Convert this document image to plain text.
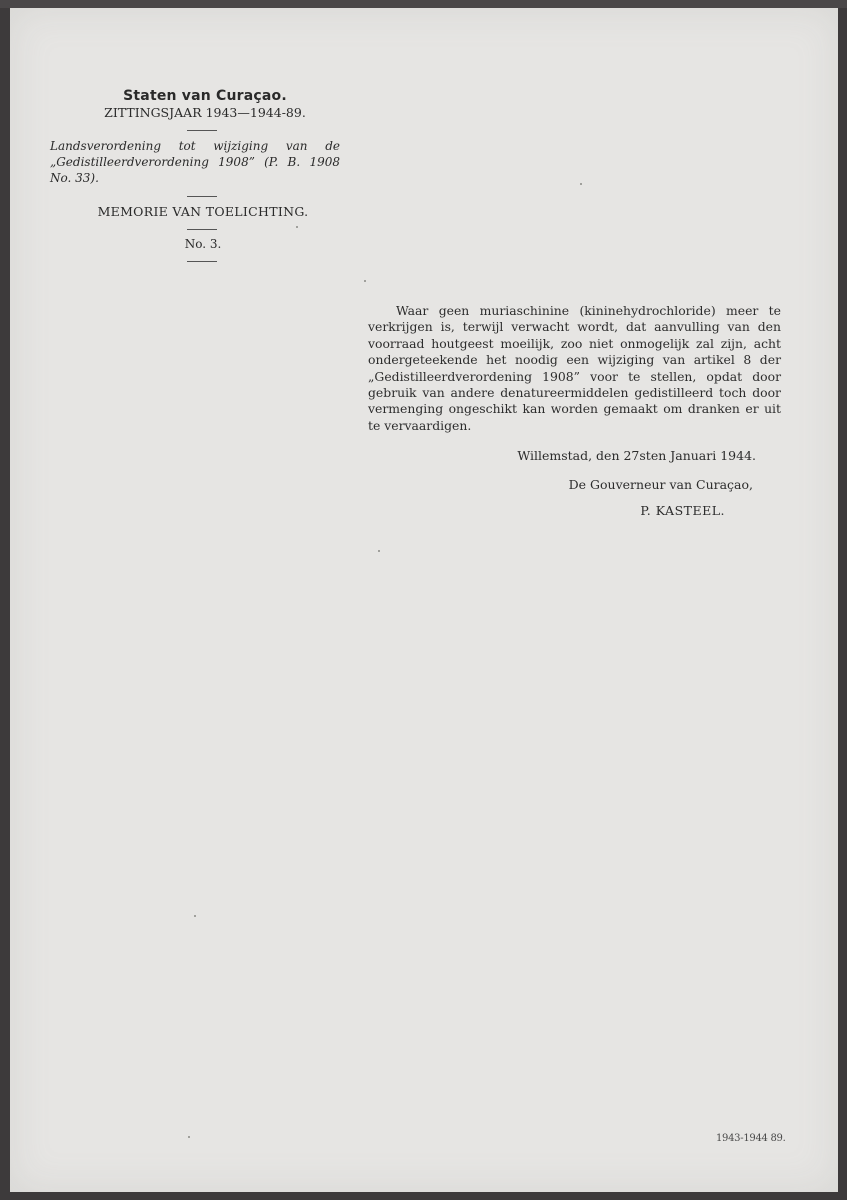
Staten van Curaçao.
ZITTINGSJAAR 1943—1944-89.
Landsverordening tot wijziging van de „Gedistilleerdverordening 1908” (P. B. 1908 No. 33).
MEMORIE VAN TOELICHTING.
No. 3.

Waar geen muriaschinine (kininehydrochloride) meer te verkrijgen is, terwijl verwacht wordt, dat aanvulling van den voorraad houtgeest moeilijk, zoo niet onmogelijk zal zijn, acht ondergeteekende het noodig een wijziging van artikel 8 der „Gedistilleerdverordening 1908” voor te stellen, opdat door gebruik van andere denatureermiddelen gedistilleerd toch door vermenging ongeschikt kan worden gemaakt om dranken er uit te vervaardigen.

Willemstad, den 27sten Januari 1944.
De Gouverneur van Curaçao,
P. KASTEEL.
1943-1944 89.
